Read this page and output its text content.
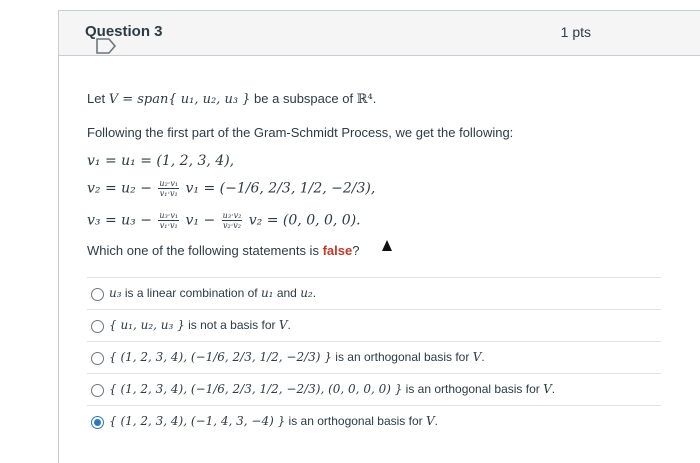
Question 3	1 pts
Let V = span{ u₁, u₂, u₃ } be a subspace of ℝ⁴.
Following the first part of the Gram-Schmidt Process, we get the following:
v₁ = u₁ = (1, 2, 3, 4),
$v_2 = u_2 - \frac{\text{u₂·v₁}}{\text{v₁·v₁}} v_1 = (-1/6$, 2/3, 1/2, −2/3),
$v_3 = u_3 - \frac{\text{u₃·v₁}}{\text{v₁·v₁}} v_1 - \frac{\text{u₃·v₂}}{\text{v₂·v₂}} v_2 = (0$, 0, 0, 0).
Which one of the following statements is false?
u₃ is a linear combination of u₁ and u₂.
{ u₁, u₂, u₃ } is not a basis for V.
{ (1, 2, 3, 4), (−1/6, 2/3, 1/2, −2/3) } is an orthogonal basis for V.
{ (1, 2, 3, 4), (−1/6, 2/3, 1/2, −2/3), (0, 0, 0, 0) } is an orthogonal basis for V.
{ (1, 2, 3, 4), (−1, 4, 3, −4) } is an orthogonal basis for V.
